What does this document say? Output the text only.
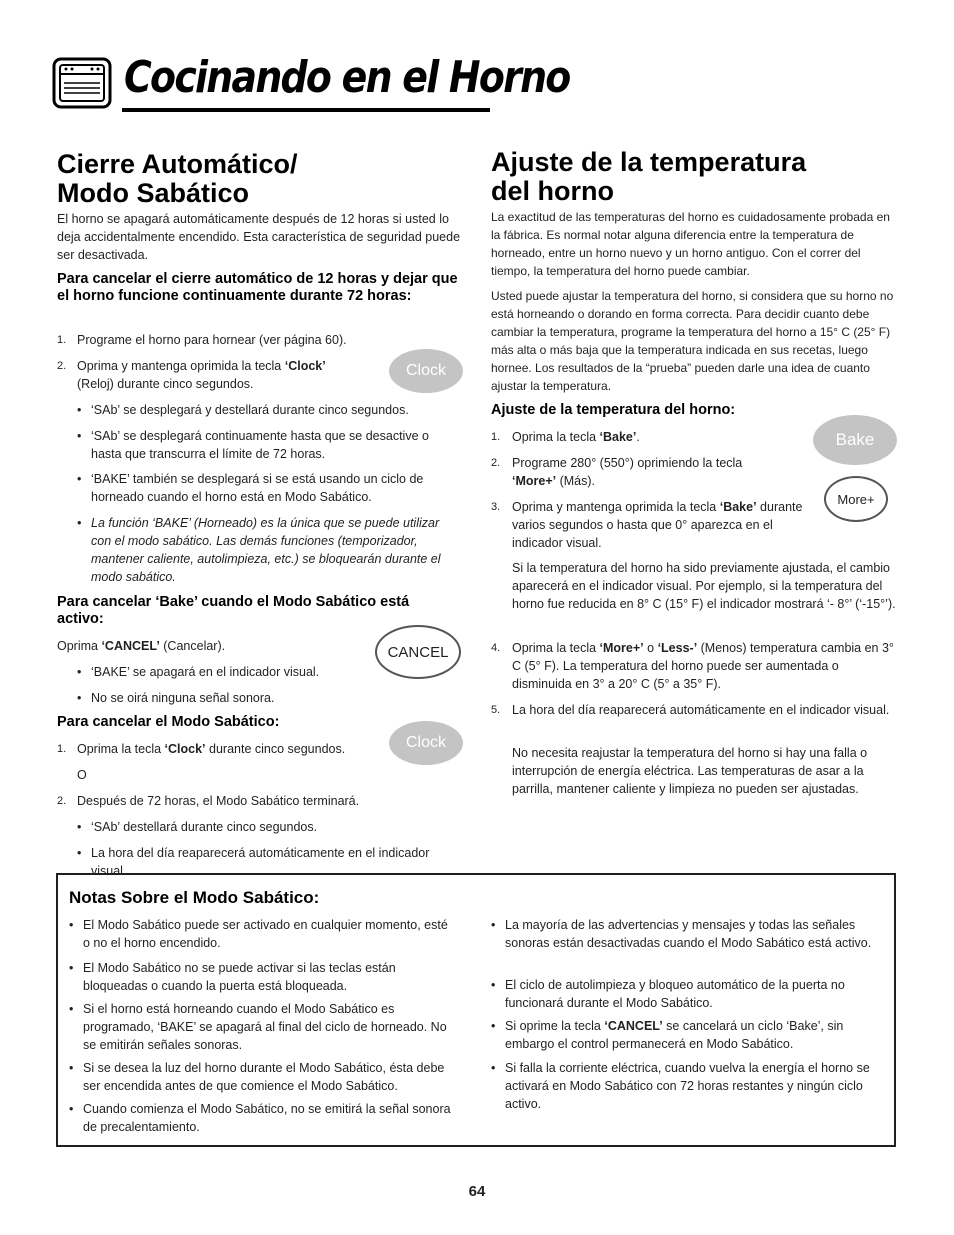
Cocinando en el Horno
Cierre Automático/
Modo Sabático

El horno se apagará automáticamente después de 12 horas si usted lo deja accidentalmente encendido. Esta característica de seguridad puede ser desactivada.

Para cancelar el cierre automático de 12 horas y dejar que el horno funcione continuamente durante 72 horas:

1. Programe el horno para hornear (ver página 60).
2. Oprima y mantenga oprimida la tecla ‘Clock’
(Reloj) durante cinco segundos.
• ‘SAb’ se desplegará y destellará durante cinco segundos.
• ‘SAb’ se desplegará continuamente hasta que se desactive o hasta que transcurra el límite de 72 horas.
• ‘BAKE’ también se desplegará si se está usando un ciclo de horneado cuando el horno está en Modo Sabático.
• La función ‘BAKE’ (Horneado) es la única que se puede utilizar con el modo sabático. Las demás funciones (temporizador, mantener caliente, autolimpieza, etc.) se bloquearán durante el modo sabático.

Para cancelar ‘Bake’ cuando el Modo Sabático está activo:

Oprima ‘CANCEL’ (Cancelar).
• ‘BAKE’ se apagará en el indicador visual.
• No se oirá ninguna señal sonora.

Para cancelar el Modo Sabático:

1. Oprima la tecla ‘Clock’ durante cinco segundos.
O
2. Después de 72 horas, el Modo Sabático terminará.
• ‘SAb’ destellará durante cinco segundos.
• La hora del día reaparecerá automáticamente en el indicador visual.
Clock
CANCEL
Clock
Ajuste de la temperatura
del horno

La exactitud de las temperaturas del horno es cuidadosamente probada en la fábrica. Es normal notar alguna diferencia entre la temperatura de horneado, entre un horno nuevo y un horno antiguo. Con el correr del tiempo, la temperatura del horno puede cambiar.

Usted puede ajustar la temperatura del horno, si considera que su horno no está horneando o dorando en forma correcta. Para decidir cuanto debe cambiar la temperatura, programe la temperatura del horno a 15° C (25° F) más alta o más baja que la temperatura indicada en sus recetas, luego hornee. Los resultados de la “prueba” pueden darle una idea de cuanto ajustar la temperatura.

Ajuste de la temperatura del horno:

1. Oprima la tecla ‘Bake’.
2. Programe 280° (550°) oprimiendo la tecla ‘More+’ (Más).
3. Oprima y mantenga oprimida la tecla ‘Bake’ durante varios segundos o hasta que 0° aparezca en el indicador visual.
Si la temperatura del horno ha sido previamente ajustada, el cambio aparecerá en el indicador visual. Por ejemplo, si la temperatura del horno fue reducida en 8° C (15° F) el indicador mostrará ‘- 8°’ (‘-15°’).
4. Oprima la tecla ‘More+’ o ‘Less-’ (Menos) temperatura cambia en 3° C (5° F). La temperatura del horno puede ser aumentada o disminuida en 3° a 20° C (5° a 35° F).
5. La hora del día reaparecerá automáticamente en el indicador visual.
No necesita reajustar la temperatura del horno si hay una falla o interrupción de energía eléctrica. Las temperaturas de asar a la parrilla, mantener caliente y limpieza no pueden ser ajustadas.
Bake
More+

Notas Sobre el Modo Sabático:

• El Modo Sabático puede ser activado en cualquier momento, esté o no el horno encendido.
• El Modo Sabático no se puede activar si las teclas están bloqueadas o cuando la puerta está bloqueada.
• Si el horno está horneando cuando el Modo Sabático es programado, ‘BAKE’ se apagará al final del ciclo de horneado. No se emitirán señales sonoras.
• Si se desea la luz del horno durante el Modo Sabático, ésta debe ser encendida antes de que comience el Modo Sabático.
• Cuando comienza el Modo Sabático, no se emitirá la señal sonora de precalentamiento.
• La mayoría de las advertencias y mensajes y todas las señales sonoras están desactivadas cuando el Modo Sabático está activo.
• El ciclo de autolimpieza y bloqueo automático de la puerta no funcionará durante el Modo Sabático.
• Si oprime la tecla ‘CANCEL’ se cancelará un ciclo ‘Bake’, sin embargo el control permanecerá en Modo Sabático.
• Si falla la corriente eléctrica, cuando vuelva la energía el horno se activará en Modo Sabático con 72 horas restantes y ningún ciclo activo.
64
